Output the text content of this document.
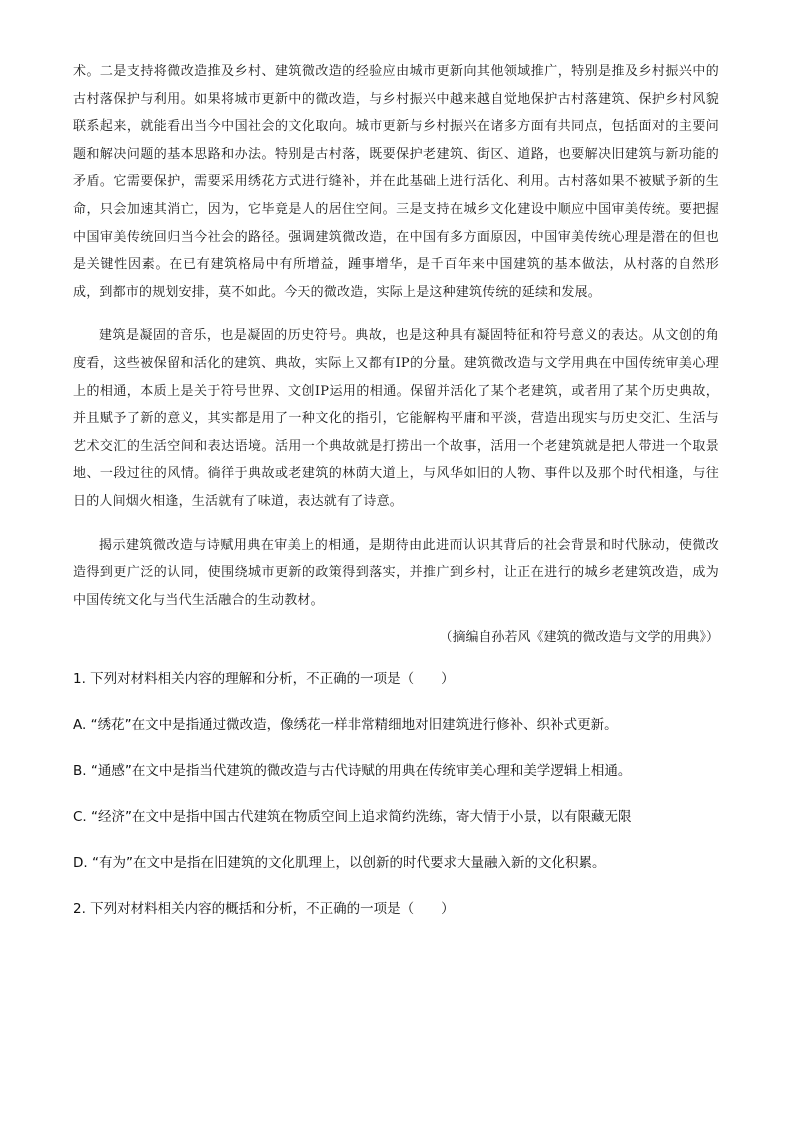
术。二是支持将微改造推及乡村、建筑微改造的经验应由城市更新向其他领域推广，特别是推及乡村振兴中的古村落保护与利用。如果将城市更新中的微改造，与乡村振兴中越来越自觉地保护古村落建筑、保护乡村风貌联系起来，就能看出当今中国社会的文化取向。城市更新与乡村振兴在诸多方面有共同点，包括面对的主要问题和解决问题的基本思路和办法。特别是古村落，既要保护老建筑、街区、道路，也要解决旧建筑与新功能的矛盾。它需要保护，需要采用绣花方式进行缝补，并在此基础上进行活化、利用。古村落如果不被赋予新的生命，只会加速其消亡，因为，它毕竟是人的居住空间。三是支持在城乡文化建设中顺应中国审美传统。要把握中国审美传统回归当今社会的路径。强调建筑微改造，在中国有多方面原因，中国审美传统心理是潜在的但也是关键性因素。在已有建筑格局中有所增益，踵事增华，是千百年来中国建筑的基本做法，从村落的自然形成，到都市的规划安排，莫不如此。今天的微改造，实际上是这种建筑传统的延续和发展。

建筑是凝固的音乐，也是凝固的历史符号。典故，也是这种具有凝固特征和符号意义的表达。从文创的角度看，这些被保留和活化的建筑、典故，实际上又都有IP的分量。建筑微改造与文学用典在中国传统审美心理上的相通，本质上是关于符号世界、文创IP运用的相通。保留并活化了某个老建筑，或者用了某个历史典故，并且赋予了新的意义，其实都是用了一种文化的指引，它能解构平庸和平淡，营造出现实与历史交汇、生活与艺术交汇的生活空间和表达语境。活用一个典故就是打捞出一个故事，活用一个老建筑就是把人带进一个取景地、一段过往的风情。徜徉于典故或老建筑的林荫大道上，与风华如旧的人物、事件以及那个时代相逢，与往日的人间烟火相逢，生活就有了味道，表达就有了诗意。

揭示建筑微改造与诗赋用典在审美上的相通，是期待由此进而认识其背后的社会背景和时代脉动，使微改造得到更广泛的认同，使围绕城市更新的政策得到落实，并推广到乡村，让正在进行的城乡老建筑改造，成为中国传统文化与当代生活融合的生动教材。

（摘编自孙若风《建筑的微改造与文学的用典》）

1. 下列对材料相关内容的理解和分析，不正确的一项是（　　）

A. “绣花”在文中是指通过微改造，像绣花一样非常精细地对旧建筑进行修补、织补式更新。

B. “通感”在文中是指当代建筑的微改造与古代诗赋的用典在传统审美心理和美学逻辑上相通。

C. “经济”在文中是指中国古代建筑在物质空间上追求简约洗练，寄大情于小景，以有限藏无限

D. “有为”在文中是指在旧建筑的文化肌理上，以创新的时代要求大量融入新的文化积累。

2. 下列对材料相关内容的概括和分析，不正确的一项是（　　）
